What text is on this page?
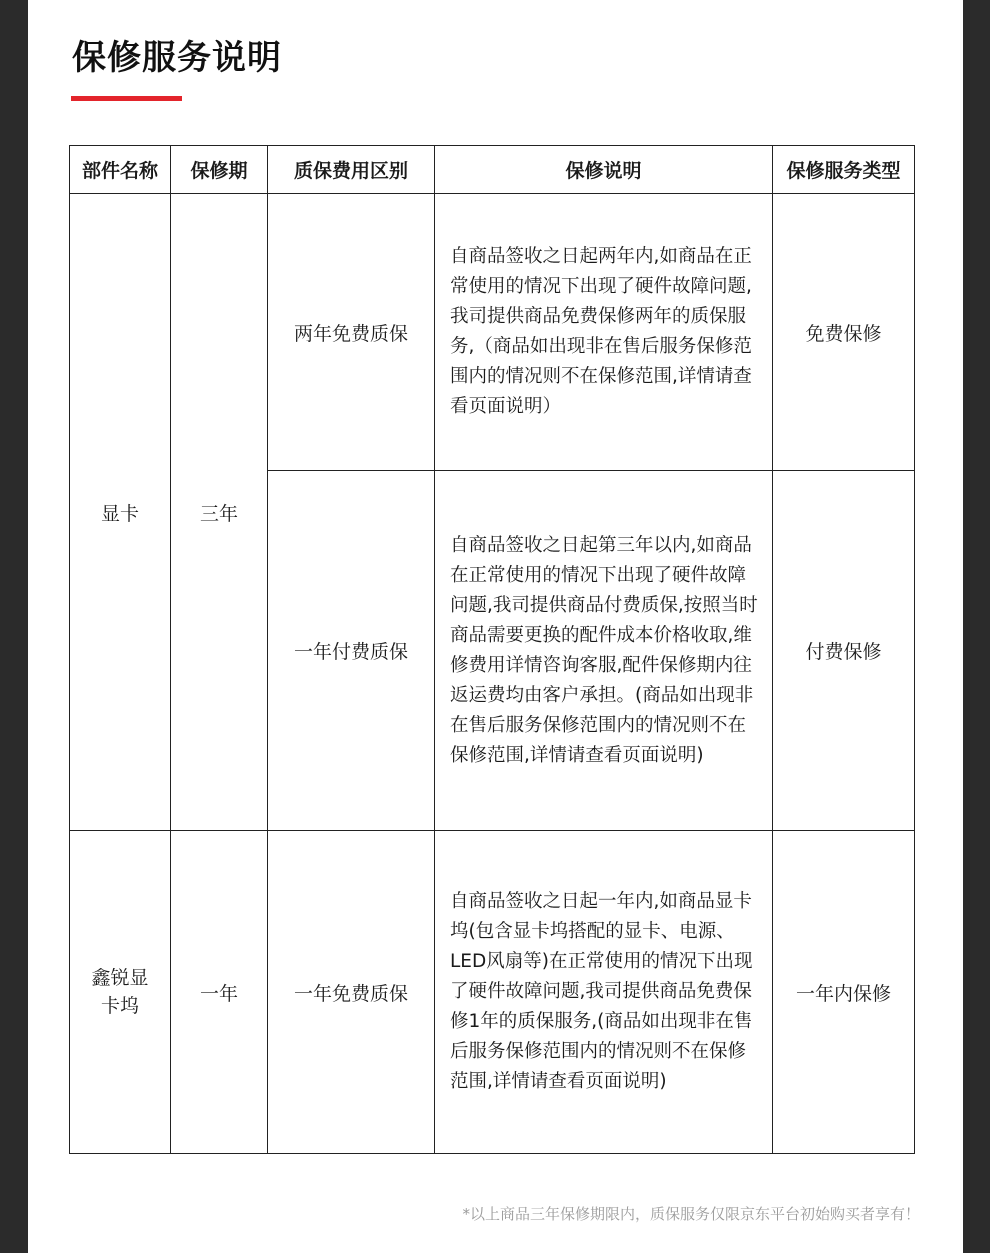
保修服务说明
部件名称	保修期	质保费用区别	保修说明	保修服务类型
显卡	三年	两年免费质保	自商品签收之日起两年内,如商品在正常使用的情况下出现了硬件故障问题,我司提供商品免费保修两年的质保服务,（商品如出现非在售后服务保修范围内的情况则不在保修范围,详情请查看页面说明）	免费保修
		一年付费质保	自商品签收之日起第三年以内,如商品在正常使用的情况下出现了硬件故障问题,我司提供商品付费质保,按照当时商品需要更换的配件成本价格收取,维修费用详情咨询客服,配件保修期内往返运费均由客户承担。(商品如出现非在售后服务保修范围内的情况则不在保修范围,详情请查看页面说明)	付费保修

鑫锐显卡坞	一年	一年免费质保	自商品签收之日起一年内,如商品显卡坞(包含显卡坞搭配的显卡、电源、LED风扇等)在正常使用的情况下出现了硬件故障问题,我司提供商品免费保修1年的质保服务,(商品如出现非在售后服务保修范围内的情况则不在保修范围,详情请查看页面说明)	一年内保修
*以上商品三年保修期限内，质保服务仅限京东平台初始购买者享有！
